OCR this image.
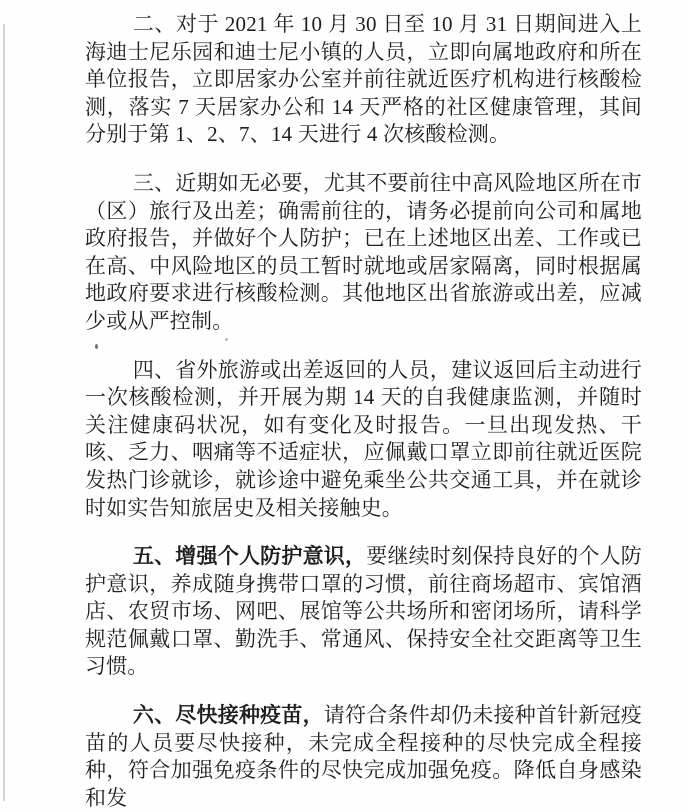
二、对于 2021 年 10 月 30 日至 10 月 31 日期间进入上海迪士尼乐园和迪士尼小镇的人员，立即向属地政府和所在单位报告，立即居家办公室并前往就近医疗机构进行核酸检测，落实 7 天居家办公和 14 天严格的社区健康管理，其间分别于第 1、2、7、14 天进行 4 次核酸检测。

三、近期如无必要，尤其不要前往中高风险地区所在市（区）旅行及出差；确需前往的，请务必提前向公司和属地政府报告，并做好个人防护；已在上述地区出差、工作或已在高、中风险地区的员工暂时就地或居家隔离，同时根据属地政府要求进行核酸检测。其他地区出省旅游或出差，应减少或从严控制。

四、省外旅游或出差返回的人员，建议返回后主动进行一次核酸检测，并开展为期 14 天的自我健康监测，并随时关注健康码状况，如有变化及时报告。一旦出现发热、干咳、乏力、咽痛等不适症状，应佩戴口罩立即前往就近医院发热门诊就诊，就诊途中避免乘坐公共交通工具，并在就诊时如实告知旅居史及相关接触史。

五、增强个人防护意识，要继续时刻保持良好的个人防护意识，养成随身携带口罩的习惯，前往商场超市、宾馆酒店、农贸市场、网吧、展馆等公共场所和密闭场所，请科学规范佩戴口罩、勤洗手、常通风、保持安全社交距离等卫生习惯。

六、尽快接种疫苗，请符合条件却仍未接种首针新冠疫苗的人员要尽快接种，未完成全程接种的尽快完成全程接种，符合加强免疫条件的尽快完成加强免疫。降低自身感染和发
